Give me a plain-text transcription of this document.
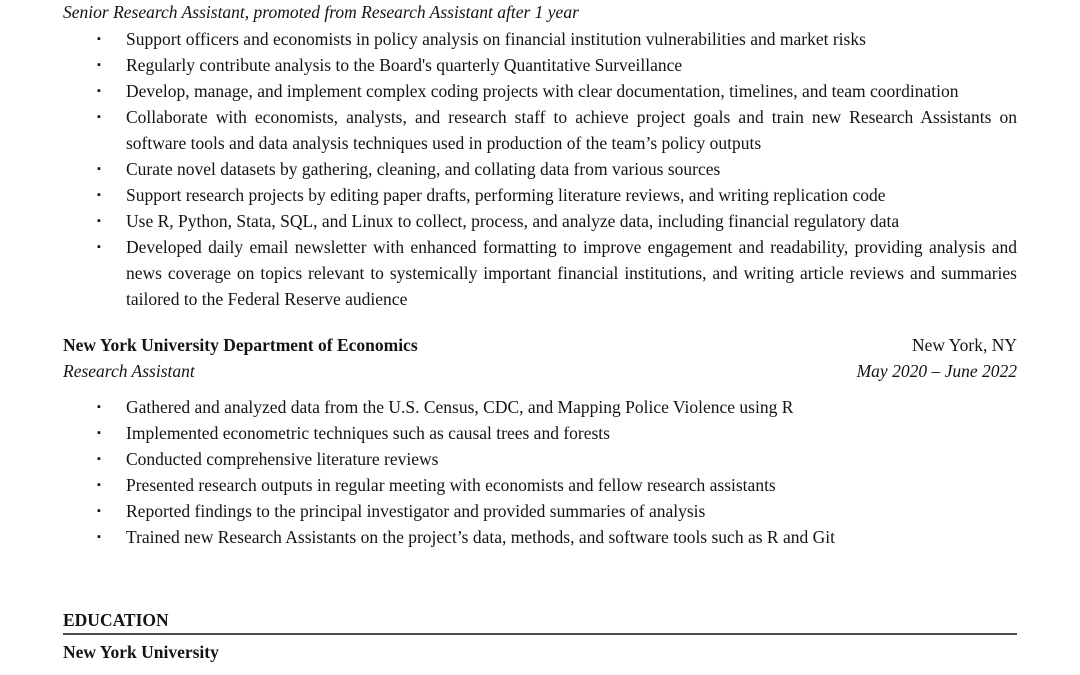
Senior Research Assistant, promoted from Research Assistant after 1 year
▪ Support officers and economists in policy analysis on financial institution vulnerabilities and market risks
▪ Regularly contribute analysis to the Board's quarterly Quantitative Surveillance
▪ Develop, manage, and implement complex coding projects with clear documentation, timelines, and team coordination
▪ Collaborate with economists, analysts, and research staff to achieve project goals and train new Research Assistants on software tools and data analysis techniques used in production of the team’s policy outputs
▪ Curate novel datasets by gathering, cleaning, and collating data from various sources
▪ Support research projects by editing paper drafts, performing literature reviews, and writing replication code
▪ Use R, Python, Stata, SQL, and Linux to collect, process, and analyze data, including financial regulatory data
▪ Developed daily email newsletter with enhanced formatting to improve engagement and readability, providing analysis and news coverage on topics relevant to systemically important financial institutions, and writing article reviews and summaries tailored to the Federal Reserve audience
New York University Department of Economics	New York, NY
Research Assistant	May 2020 – June 2022
▪ Gathered and analyzed data from the U.S. Census, CDC, and Mapping Police Violence using R
▪ Implemented econometric techniques such as causal trees and forests
▪ Conducted comprehensive literature reviews
▪ Presented research outputs in regular meeting with economists and fellow research assistants
▪ Reported findings to the principal investigator and provided summaries of analysis
▪ Trained new Research Assistants on the project’s data, methods, and software tools such as R and Git
EDUCATION
New York University
